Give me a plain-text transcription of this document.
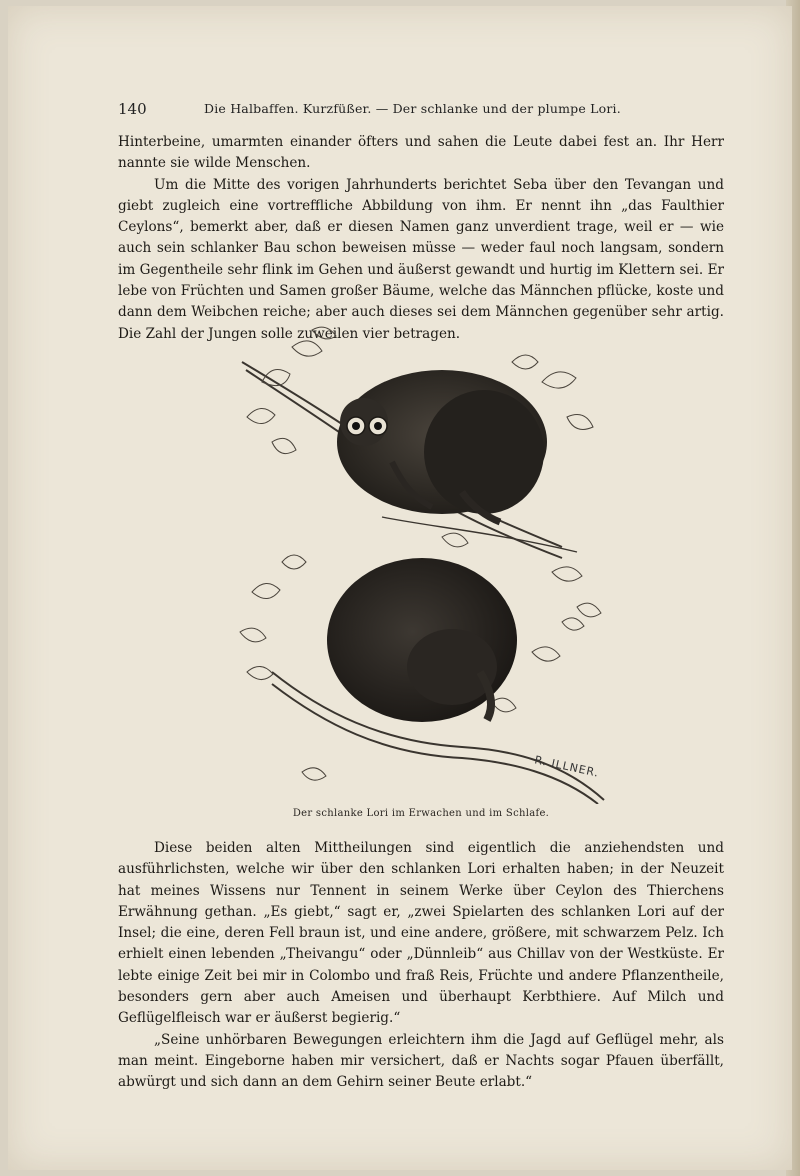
140	Die Halbaffen. Kurzfüßer. — Der schlanke und der plumpe Lori.

Hinterbeine, umarmten einander öfters und sahen die Leute dabei fest an. Ihr Herr nannte sie wilde Menschen.

Um die Mitte des vorigen Jahrhunderts berichtet Seba über den Tevangan und giebt zugleich eine vortreffliche Abbildung von ihm. Er nennt ihn „das Faulthier Ceylons“, bemerkt aber, daß er diesen Namen ganz unverdient trage, weil er — wie auch sein schlanker Bau schon beweisen müsse — weder faul noch langsam, sondern im Gegentheile sehr flink im Gehen und äußerst gewandt und hurtig im Klettern sei. Er lebe von Früchten und Samen großer Bäume, welche das Männchen pflücke, koste und dann dem Weibchen reiche; aber auch dieses sei dem Männchen gegenüber sehr artig. Die Zahl der Jungen solle zuweilen vier betragen.

R. ILLNER.
Der schlanke Lori im Erwachen und im Schlafe.

Diese beiden alten Mittheilungen sind eigentlich die anziehendsten und ausführlichsten, welche wir über den schlanken Lori erhalten haben; in der Neuzeit hat meines Wissens nur Tennent in seinem Werke über Ceylon des Thierchens Erwähnung gethan. „Es giebt,“ sagt er, „zwei Spielarten des schlanken Lori auf der Insel; die eine, deren Fell braun ist, und eine andere, größere, mit schwarzem Pelz. Ich erhielt einen lebenden „Theivangu“ oder „Dünnleib“ aus Chillav von der Westküste. Er lebte einige Zeit bei mir in Colombo und fraß Reis, Früchte und andere Pflanzentheile, besonders gern aber auch Ameisen und überhaupt Kerbthiere. Auf Milch und Geflügelfleisch war er äußerst begierig.“

„Seine unhörbaren Bewegungen erleichtern ihm die Jagd auf Geflügel mehr, als man meint. Eingeborne haben mir versichert, daß er Nachts sogar Pfauen überfällt, abwürgt und sich dann an dem Gehirn seiner Beute erlabt.“
